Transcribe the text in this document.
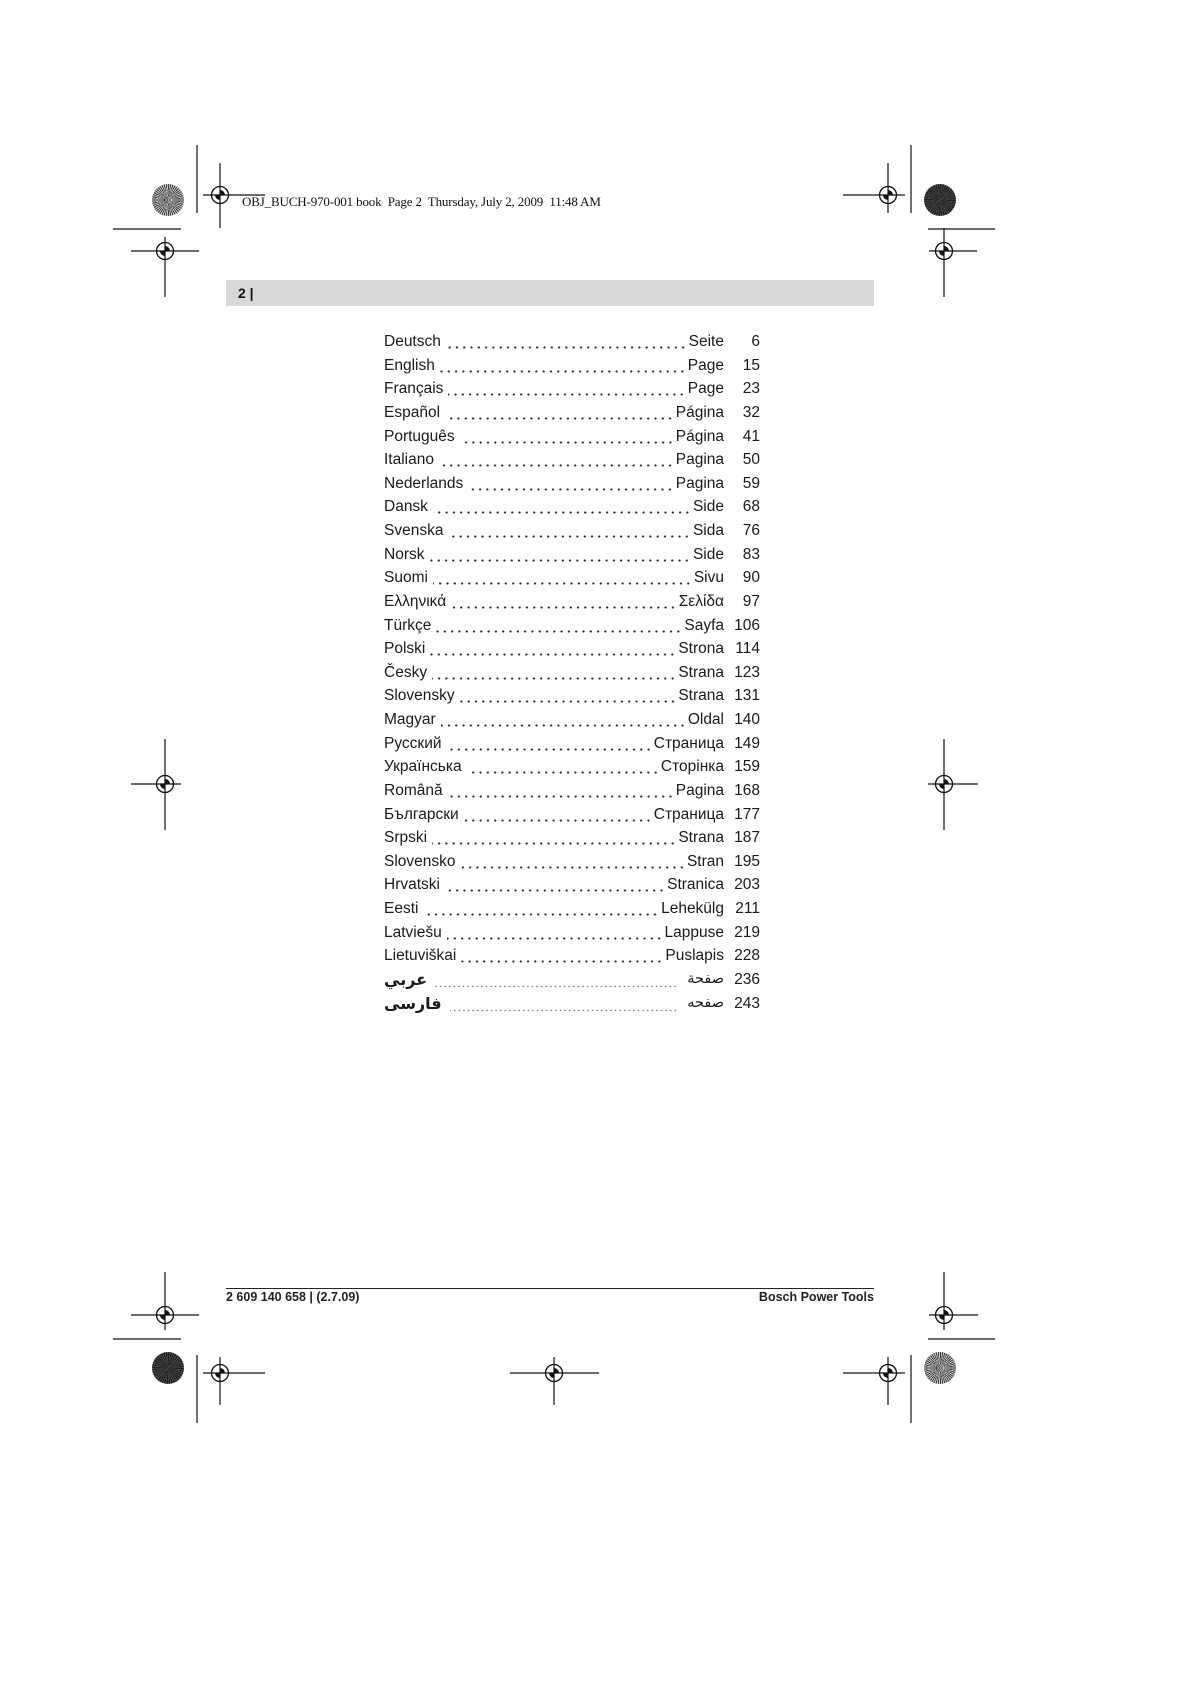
OBJ_BUCH-970-001 book  Page 2  Thursday, July 2, 2009  11:48 AM
2 |
Deutsch	Seite	6
English	Page	15
Français	Page	23
Español	Página	32
Português	Página	41
Italiano	Pagina	50
Nederlands	Pagina	59
Dansk	Side	68
Svenska	Sida	76
Norsk	Side	83
Suomi	Sivu	90
Ελληνικά	Σελίδα	97
Türkçe	Sayfa 106
Polski	Strona 114
Česky	Strana 123
Slovensky	Strana 131
Magyar	Oldal 140
Русский	Страница 149
Українська	Сторінка 159
Română	Pagina 168
Български	Страница 177
Srpski	Strana 187
Slovensko	Stran 195
Hrvatski	Stranica 203
Eesti	Lehekülg 211
Latviešu	Lappuse 219
Lietuviškai	Puslapis 228
عربي	صفحة 236
فارسی	صفحه 243
2 609 140 658 | (2.7.09)	Bosch Power Tools
